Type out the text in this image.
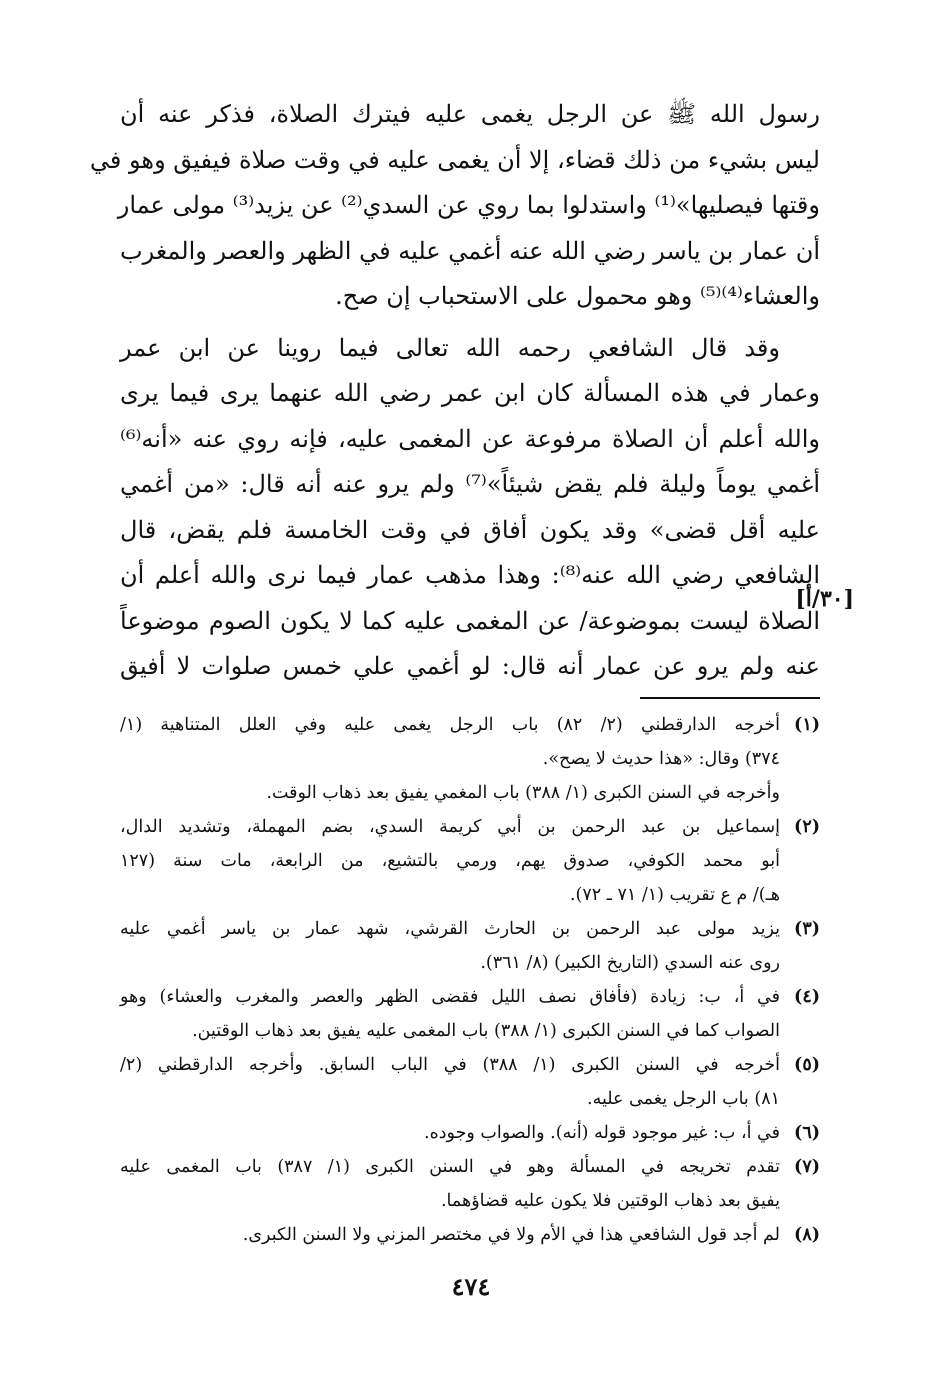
رسول الله ﷺ عن الرجل يغمى عليه فيترك الصلاة، فذكر عنه أن
ليس بشيء من ذلك قضاء، إلا أن يغمى عليه في وقت صلاة فيفيق وهو في
وقتها فيصليها»⁽¹⁾ واستدلوا بما روي عن السدي⁽²⁾ عن يزيد⁽³⁾ مولى عمار
أن عمار بن ياسر رضي الله عنه أغمي عليه في الظهر والعصر والمغرب
والعشاء⁽⁴⁾⁽⁵⁾ وهو محمول على الاستحباب إن صح.

وقد قال الشافعي رحمه الله تعالى فيما روينا عن ابن عمر
وعمار في هذه المسألة كان ابن عمر رضي الله عنهما يرى فيما يرى
والله أعلم أن الصلاة مرفوعة عن المغمى عليه، فإنه روي عنه «أنه⁽⁶⁾
أغمي يوماً وليلة فلم يقض شيئاً»⁽⁷⁾ ولم يرو عنه أنه قال: «من أغمي
عليه أقل قضى» وقد يكون أفاق في وقت الخامسة فلم يقض، قال
الشافعي رضي الله عنه⁽⁸⁾: وهذا مذهب عمار فيما نرى والله أعلم أن
الصلاة ليست بموضوعة/ عن المغمى عليه كما لا يكون الصوم موضوعاً
عنه ولم يرو عن عمار أنه قال: لو أغمي علي خمس صلوات لا أفيق

[٣٠/أ]
(١)
أخرجه الدارقطني (٢/ ٨٢) باب الرجل يغمى عليه وفي العلل المتناهية (١/
٣٧٤) وقال: «هذا حديث لا يصح».
وأخرجه في السنن الكبرى (١/ ٣٨٨) باب المغمي يفيق بعد ذهاب الوقت.
(٢)
إسماعيل بن عبد الرحمن بن أبي كريمة السدي، بضم المهملة، وتشديد الدال،
أبو محمد الكوفي، صدوق يهم، ورمي بالتشيع، من الرابعة، مات سنة (١٢٧
هـ)/ م ع تقريب (١/ ٧١ ـ ٧٢).
(٣)
يزيد مولى عبد الرحمن بن الحارث القرشي، شهد عمار بن ياسر أغمي عليه
روى عنه السدي (التاريخ الكبير) (٨/ ٣٦١).
(٤)
في أ، ب: زيادة (فأفاق نصف الليل فقضى الظهر والعصر والمغرب والعشاء) وهو
الصواب كما في السنن الكبرى (١/ ٣٨٨) باب المغمى عليه يفيق بعد ذهاب الوقتين.
(٥)
أخرجه في السنن الكبرى (١/ ٣٨٨) في الباب السابق. وأخرجه الدارقطني (٢/
٨١) باب الرجل يغمى عليه.
(٦)
في أ، ب: غير موجود قوله (أنه). والصواب وجوده.
(٧)
تقدم تخريجه في المسألة وهو في السنن الكبرى (١/ ٣٨٧) باب المغمى عليه
يفيق بعد ذهاب الوقتين فلا يكون عليه قضاؤهما.
(٨)
لم أجد قول الشافعي هذا في الأم ولا في مختصر المزني ولا السنن الكبرى.
٤٧٤
